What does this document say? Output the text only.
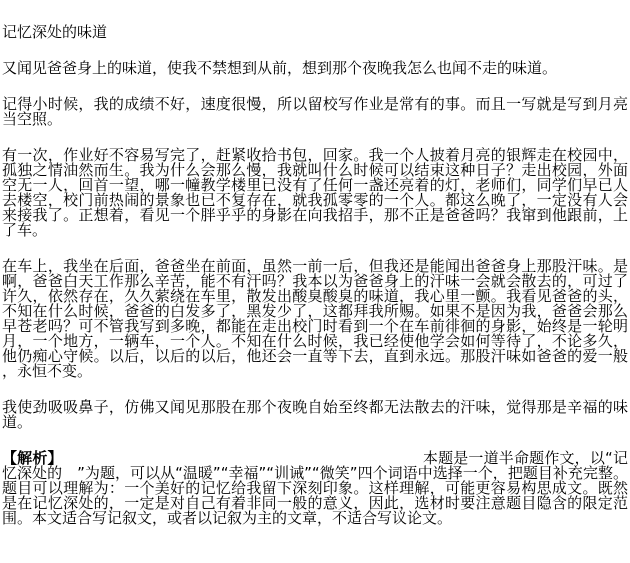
记忆深处的味道

又闻见爸爸身上的味道，使我不禁想到从前，想到那个夜晚我怎么也闻不走的味道。

记得小时候，我的成绩不好，速度很慢，所以留校写作业是常有的事。而且一写就是写到月亮当空照。

有一次，作业好不容易写完了，赶紧收拾书包，回家。我一个人披着月亮的银辉走在校园中，孤独之情油然而生。我为什么会那么慢，我就叫什么时候可以结束这种日子？走出校园，外面空无一人，回首一望，哪一幢教学楼里已没有了任何一盏还亮着的灯，老师们，同学们早已人去楼空，校门前热闹的景象也已不复存在，就我孤零零的一个人。都这么晚了，一定没有人会来接我了。正想着，看见一个胖乎乎的身影在向我招手，那不正是爸爸吗？我窜到他跟前，上了车。

在车上，我坐在后面，爸爸坐在前面，虽然一前一后，但我还是能闻出爸爸身上那股汗味。是啊，爸爸白天工作那么辛苦，能不有汗吗？我本以为爸爸身上的汗味一会就会散去的，可过了许久，依然存在，久久萦绕在车里，散发出酸臭酸臭的味道，我心里一颤。我看见爸爸的头，不知在什么时候，爸爸的白发多了，黑发少了，这都拜我所赐。如果不是因为我，爸爸会那么早苍老吗？可不管我写到多晚，都能在走出校门时看到一个在车前徘徊的身影，始终是一轮明月，一个地方，一辆车，一个人。不知在什么时候，我已经使他学会如何等待了，不论多久，他仍痴心守候。以后，以后的以后，他还会一直等下去，直到永远。那股汗味如爸爸的爱一般，永恒不变。

我使劲吸吸鼻子，仿佛又闻见那股在那个夜晚自始至终都无法散去的汗味，觉得那是辛福的味道。

【解析】	本题是一道半命题作文，以“记忆深处的　”为题，可以从“温暖”“幸福”“训诫”“微笑”四个词语中选择一个，把题目补充完整。题目可以理解为：一个美好的记忆给我留下深刻印象。这样理解，可能更容易构思成文。既然是在记忆深处的，一定是对自己有着非同一般的意义，因此，选材时要注意题目隐含的限定范围。本文适合写记叙文，或者以记叙为主的文章，不适合写议论文。
